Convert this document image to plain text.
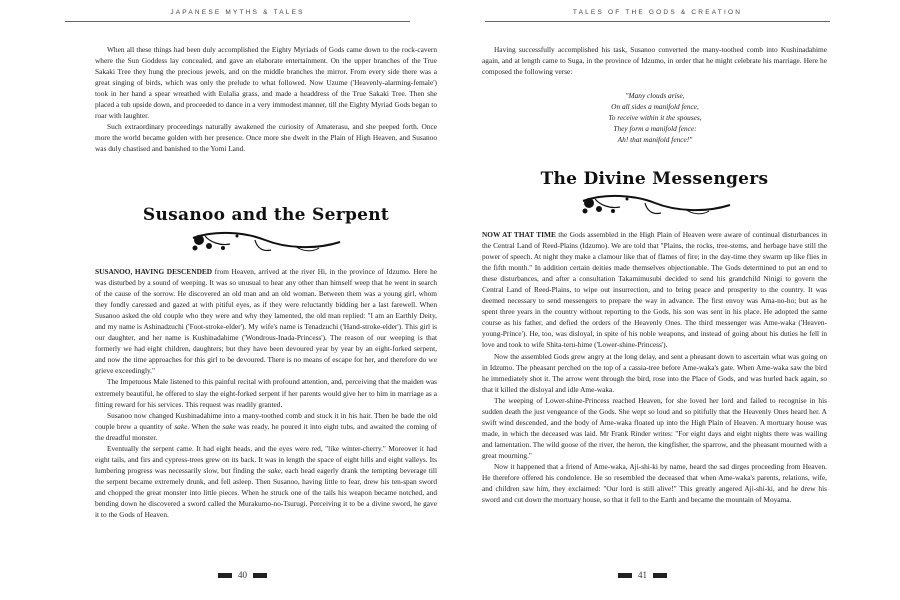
JAPANESE MYTHS & TALES

When all these things had been duly accomplished the Eighty Myriads of Gods came down to the rock-cavern where the Sun Goddess lay concealed, and gave an elaborate entertainment. On the upper branches of the True Sakaki Tree they hung the precious jewels, and on the middle branches the mirror. From every side there was a great singing of birds, which was only the prelude to what followed. Now Uzume ('Heavenly-alarming-female') took in her hand a spear wreathed with Eulalia grass, and made a headdress of the True Sakaki Tree. Then she placed a tub upside down, and proceeded to dance in a very immodest manner, till the Eighty Myriad Gods began to roar with laughter.

Such extraordinary proceedings naturally awakened the curiosity of Amaterasu, and she peeped forth. Once more the world became golden with her presence. Once more she dwelt in the Plain of High Heaven, and Susanoo was duly chastised and banished to the Yomi Land.

Susanoo and the Serpent

SUSANOO, HAVING DESCENDED from Heaven, arrived at the river Hi, in the province of Idzumo. Here he was disturbed by a sound of weeping. It was so unusual to hear any other than himself weep that he went in search of the cause of the sorrow. He discovered an old man and an old woman. Between them was a young girl, whom they fondly caressed and gazed at with pitiful eyes, as if they were reluctantly bidding her a last farewell. When Susanoo asked the old couple who they were and why they lamented, the old man replied: "I am an Earthly Deity, and my name is Ashinadzuchi ('Foot-stroke-elder'). My wife's name is Tenadzuchi ('Hand-stroke-elder'). This girl is our daughter, and her name is Kushinadahime ('Wondrous-Inada-Princess'). The reason of our weeping is that formerly we had eight children, daughters; but they have been devoured year by year by an eight-forked serpent, and now the time approaches for this girl to be devoured. There is no means of escape for her, and therefore do we grieve exceedingly."

The Impetuous Male listened to this painful recital with profound attention, and, perceiving that the maiden was extremely beautiful, he offered to slay the eight-forked serpent if her parents would give her to him in marriage as a fitting reward for his services. This request was readily granted.

Susanoo now changed Kushinadahime into a many-toothed comb and stuck it in his hair. Then he bade the old couple brew a quantity of sake. When the sake was ready, he poured it into eight tubs, and awaited the coming of the dreadful monster.

Eventually the serpent came. It had eight heads, and the eyes were red, "like winter-cherry." Moreover it had eight tails, and firs and cypress-trees grew on its back. It was in length the space of eight hills and eight valleys. Its lumbering progress was necessarily slow, but finding the sake, each head eagerly drank the tempting beverage till the serpent became extremely drunk, and fell asleep. Then Susanoo, having little to fear, drew his ten-span sword and chopped the great monster into little pieces. When he struck one of the tails his weapon became notched, and bending down he discovered a sword called the Murakumo-no-Tsurugi. Perceiving it to be a divine sword, he gave it to the Gods of Heaven.

40
TALES OF THE GODS & CREATION

Having successfully accomplished his task, Susanoo converted the many-toothed comb into Kushinadahime again, and at length came to Suga, in the province of Idzumo, in order that he might celebrate his marriage. Here he composed the following verse:

"Many clouds arise,
On all sides a manifold fence,
To receive within it the spouses,
They form a manifold fence:
Ah! that manifold fence!"
The Divine Messengers

NOW AT THAT TIME the Gods assembled in the High Plain of Heaven were aware of continual disturbances in the Central Land of Reed-Plains (Idzumo). We are told that "Plains, the rocks, tree-stems, and herbage have still the power of speech. At night they make a clamour like that of flames of fire; in the day-time they swarm up like flies in the fifth month." In addition certain deities made themselves objectionable. The Gods determined to put an end to these disturbances, and after a consultation Takamimusubi decided to send his grandchild Ninigi to govern the Central Land of Reed-Plains, to wipe out insurrection, and to bring peace and prosperity to the country. It was deemed necessary to send messengers to prepare the way in advance. The first envoy was Ama-no-ho; but as he spent three years in the country without reporting to the Gods, his son was sent in his place. He adopted the same course as his father, and defied the orders of the Heavenly Ones. The third messenger was Ame-waka ('Heaven-young-Prince'). He, too, was disloyal, in spite of his noble weapons, and instead of going about his duties he fell in love and took to wife Shita-teru-hime ('Lower-shine-Princess').

Now the assembled Gods grew angry at the long delay, and sent a pheasant down to ascertain what was going on in Idzumo. The pheasant perched on the top of a cassia-tree before Ame-waka's gate. When Ame-waka saw the bird he immediately shot it. The arrow went through the bird, rose into the Place of Gods, and was hurled back again, so that it killed the disloyal and idle Ame-waka.

The weeping of Lower-shine-Princess reached Heaven, for she loved her lord and failed to recognise in his sudden death the just vengeance of the Gods. She wept so loud and so pitifully that the Heavenly Ones heard her. A swift wind descended, and the body of Ame-waka floated up into the High Plain of Heaven. A mortuary house was made, in which the deceased was laid. Mr Frank Rinder writes: "For eight days and eight nights there was wailing and lamentation. The wild goose of the river, the heron, the kingfisher, the sparrow, and the pheasant mourned with a great mourning."

Now it happened that a friend of Ame-waka, Aji-shi-ki by name, heard the sad dirges proceeding from Heaven. He therefore offered his condolence. He so resembled the deceased that when Ame-waka's parents, relations, wife, and children saw him, they exclaimed: "Our lord is still alive!" This greatly angered Aji-shi-ki, and he drew his sword and cut down the mortuary house, so that it fell to the Earth and became the mountain of Moyama.

41
